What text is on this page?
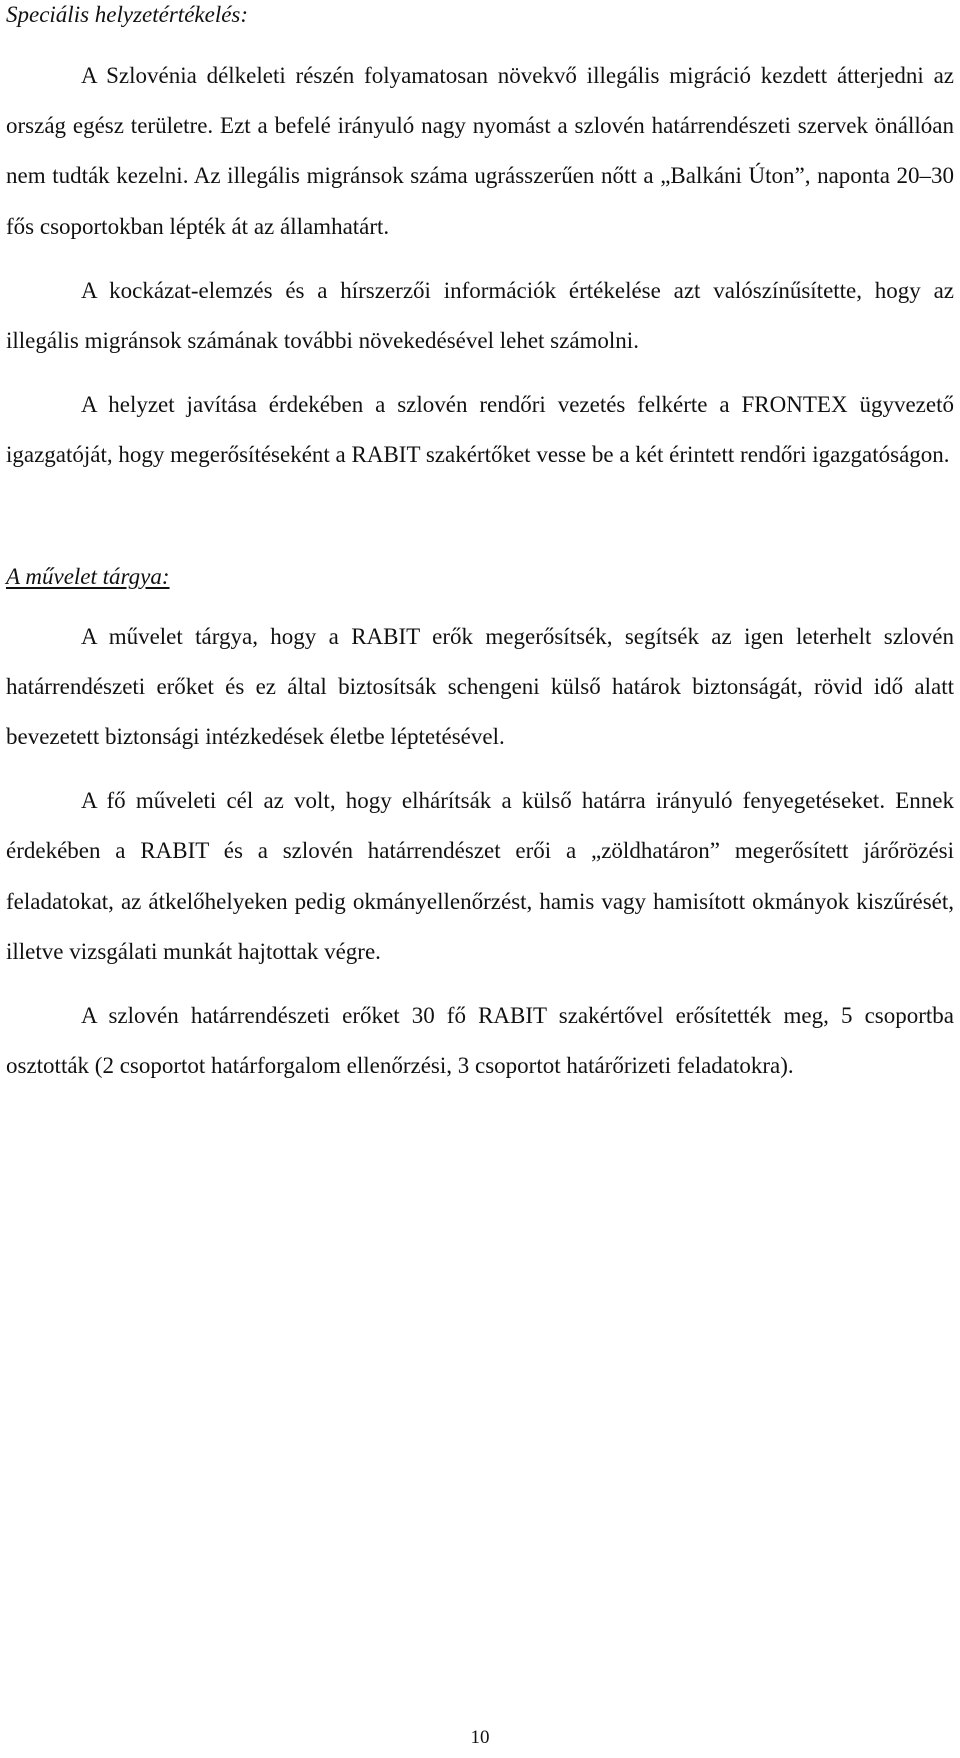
Speciális helyzetértékelés:

A Szlovénia délkeleti részén folyamatosan növekvő illegális migráció kezdett átterjedni az ország egész területre. Ezt a befelé irányuló nagy nyomást a szlovén határrendészeti szervek önállóan nem tudták kezelni. Az illegális migránsok száma ugrásszerűen nőtt a „Balkáni Úton”, naponta 20–30 fős csoportokban lépték át az államhatárt.

A kockázat-elemzés és a hírszerzői információk értékelése azt valószínűsítette, hogy az illegális migránsok számának további növekedésével lehet számolni.

A helyzet javítása érdekében a szlovén rendőri vezetés felkérte a FRONTEX ügyvezető igazgatóját, hogy megerősítéseként a RABIT szakértőket vesse be a két érintett rendőri igazgatóságon.

A művelet tárgya:

A művelet tárgya, hogy a RABIT erők megerősítsék, segítsék az igen leterhelt szlovén határrendészeti erőket és ez által biztosítsák schengeni külső határok biztonságát, rövid idő alatt bevezetett biztonsági intézkedések életbe léptetésével.

A fő műveleti cél az volt, hogy elhárítsák a külső határra irányuló fenyegetéseket. Ennek érdekében a RABIT és a szlovén határrendészet erői a „zöldhatáron” megerősített járőrözési feladatokat, az átkelőhelyeken pedig okmányellenőrzést, hamis vagy hamisított okmányok kiszűrését, illetve vizsgálati munkát hajtottak végre.

A szlovén határrendészeti erőket 30 fő RABIT szakértővel erősítették meg, 5 csoportba osztották (2 csoportot határforgalom ellenőrzési, 3 csoportot határőrizeti feladatokra).

10
